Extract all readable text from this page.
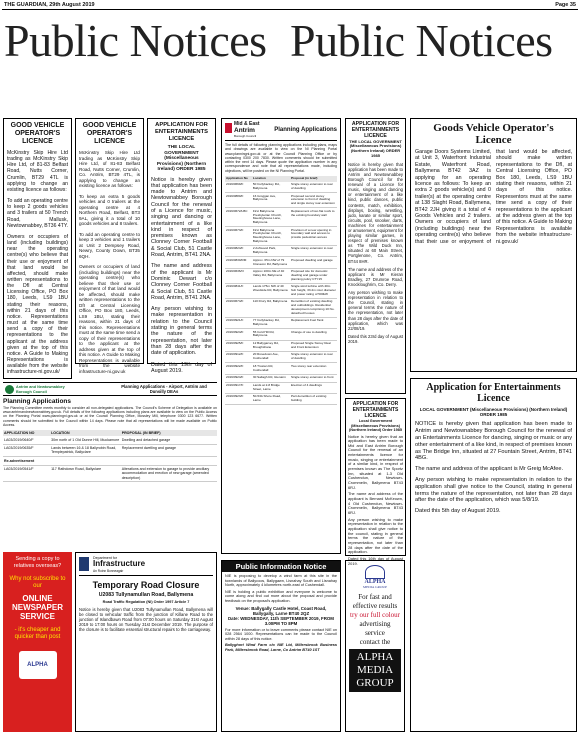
THE GUARDIAN, 29th August 2019	Page 35
Public Notices Public Notices
GOOD VEHICLE OPERATOR'S LICENCE

McKinstry Skip Hire Ltd trading as McKinstry Skip Hire Ltd, of 81-83 Belfast Road, Nutts Corner, Crumlin, BT29 4TL is applying to change an existing licence as follows:

To add an operating centre to keep 2 goods vehicles and 3 trailers at 50 Trench Road, Mallusk, Newtownabbey, BT36 4TY.

Owners or occupiers of land (including buildings) near the operating centre(s) who believe that their use or enjoyment of that land would be affected, should make written representations to the DfI at Central Licensing Office, PO Box 180, Leeds, LS9 1BU stating their reasons, within 21 days of this notice. Representations must at the same time send a copy of their representations to the applicant at the address given at the top of this notice. A Guide to Making Representations is available from the website infrastructure-ni.gov.uk/

GOOD VEHICLE OPERATOR'S LICENCE

McKinstry Skip Hire Ltd trading as McKinstry Skip Hire Ltd, of 81-83 Belfast Road, Nutts Corner, Crumlin, Co. Antrim, BT29 4TL, is applying to change an existing licence as follows:

To keep an extra 5 goods vehicles and 0 trailers at the operating centre at 4 Northern Road, Belfast, BT3 9AL, giving it a total of 10 goods vehicles and 8 trailers.

To add an operating centre to keep 3 vehicles and 1 trailers at Unit 2 Dempsey Road, Newry, County Down, BT35 6QH.

Owners or occupiers of land (including buildings) near the operating centre(s) who believe that their use or enjoyment of that land would be affected, should make written representations to the DfI at Central Licensing Office, PO Box 180, Leeds, LS9 1BU, stating their reasons, within 21 days of this notice. Representations must at the same time send a copy of their representations to the applicant at the address given at the top of this notice. A Guide to Making Representations is available from the website infrastructure-ni.gov.uk

APPLICATION FOR ENTERTAINMENTS LICENCE
THE LOCAL GOVERNMENT (Miscellaneous Provisions) (Northern Ireland) ORDER 1985

Notice is hereby given that application has been made to Antrim and Newtownabbey Borough Council for the renewal of a Licence for music, singing and dancing or entertainment of a like kind in respect of premises known as Clonney Corner Football & Social Club, 51 Castle Road, Antrim, BT41 2NA.

The name and address of the applicant is Mr Dominic Dewart c/o Clonney Corner Football & Social Club, 51 Castle Road, Antrim, BT41 2NA.

Any person wishing to make representation in relation to the Council stating in general terms the nature of the representation, not later than 28 days after the date of application.

Dated this 19th day of August 2019.

Antrim and Newtownabbey Borough Council
Planning Applications - Airport, Antrim and Dunsilly DEAs
Planning Applications
The Planning Committee meets monthly to consider all non-delegated applications. The Council's Scheme of Delegation is available on www.antrimandnewtownabbey.gov.uk. Full details of the following applications including plans are available to view on the Public Access on the Planning Portal www.planningni.gov.uk or at the Council Planning Office, Mossley Mill, telephone 0300 123 6677. Written comments should be submitted to the Council within 14 days. Please note that all representations will be made available on Public Access.
APPLICATION NO	LOCATION	PROPOSAL (IN BRIEF)
LA03/2019/0640/F	30m north of 1 Old Dunne Hill, Muckamore	Dwelling and detached garage
LA03/2019/0635/F	Lands between 16 & 18 Ballyrobin Road, Templepatrick, Ballyclare	Replacement dwelling and garage
Re-advertisement		
LA03/2019/0541/F	117 Rathdown Road, Ballyclare	Alterations and extension to garage to provide ancillary accommodation and erection of new garage (amended description)
Sending a copy to relatives overseas?
Why not subscribe to our
ONLINE NEWSPAPER SERVICE
- it's cheaper and quicker than post
ALPHA
Department for
Infrastructure
An Roinn Bonneagair
Temporary Road Closure
U2083 Tullynamullan Road, Ballymena
Road Traffic Regulation (NI) Order 1997 Article 7
Notice is hereby given that U2083 Tullynamullan Road, Ballymena will be closed to vehicular traffic from the junction of Killane Road to the junction of Islandbawn Road from 07:00 hours on Saturday 31st August 2019 to 17:00 hours on Tuesday 31st December 2019. The purpose of the closure is to facilitate essential structural repairs to the carriageway.
Mid & East
Antrim
Borough Council
Planning Applications
The full details of following planning applications including plans, maps and drawings are available to view on the NI Planning Portal www.planningni.gov.uk or at the Council Planning Office or by contacting 0300 200 7830. Written comments should be submitted within the next 14 days. Please quote the application number in any correspondence and note that all representations made, including objections, will be posted on the NI Planning Portal.
Application No	Location	Proposal (in brief)
2019/0669/F	50 Cullybackey Rd., Ballymena	Single storey extension to rear of dwelling
2019/0880/F	16 Groggan Ave, Ballymena	Proposed second storey extension to front of dwelling and single storey rear extension
2019/0672/LBC	First Ballymena Presbyterian Church, Meetinghouse Lane, Ballymena	Replacement of two flat roofs to the existing boundary wall
2019/0673/F	First Ballymena Presbyterian Church, Meetinghouse Lane, Ballymena	Provision of a new opening in boundary wall and access to provide pedestrian access
2019/0824/F	2 Ashwood Park, Ballymena	Single storey extension to rear
2019/0830/RM	Approx. 65m NW of 79 Clonavon Rd, Ballymena	Proposed dwelling and garage
2019/0636/O	Approx 100m NE of 40 Valley Rd, Ballymena	Proposed site for domestic dwelling and garage under planning policy CTY15
2019/0841/F	Lands 175m NW of 40 Woodside Rd, Ballymena	Single wind turbine with 40m hub height, 33.4m rotor diameter and power rating of 500kW
2019/0674/F	110 Drury Rd, Ballymena	Demolition of existing dwelling and outbuildings. Residential development comprising 10 No. detached houses
2019/0921/F	77 Cullybackey Rd, Ballymena	Replacement Fuel Tank
2019/0924/F	55 Cold Hill Rd, Ballymena	Change of use to dwelling
2019/0925/F	12 Ballygarvey Rd, Broughshane	Proposed Single Storey Rear and Front Extension
2019/0912/F	20 Rosedown Ave, Cushendall	Single storey extension to rear of dwelling
2019/0922/F	18 Trostan Rd, Cushendall	Two storey rear extension
2019/0924/F	30 Sallagh Rd, Glenarm	Single storey extension to front
2019/0917/F	Lands at 2-8 Bridge Street, Larne	Erection of 4 dwellings
2019/0923/F	50-53A Shore Road, Larne	Part demolition of existing building
Public Information Notice

NIE is proposing to develop a wind farm at this site in the townlands of Ballycoos, Ballygawn, Lisnahay South and Lisnahay North, approximately 4 kilometres north-east of Cushendall.

NIE is holding a public exhibition and everyone is welcome to come along and find out more about the proposal and provide feedback on the proposal's application.

Venue: Ballygally Castle Hotel, Coast Road, Ballygally, Larne BT40 2QZ

Date: WEDNESDAY, 11th SEPTEMBER 2019, FROM 3.00PM TO 8PM

For more information or to leave comments please contact NIE on 028 2564 1000. Representations can be made to the Council within 28 days of this notice.

Ballyghort Wind Farm c/o NIE Ltd, Millersbrook Business Park, Millersbrook Road, Larne, Co Antrim BT40 1ST

ALPHA
MEDIA GROUP
For fast and
effective results
try our full colour
advertising
service
contact the
ALPHA
MEDIA
GROUP
APPLICATION FOR ENTERTAINMENTS LICENCE
THE LOCAL GOVERNMENT (Miscellaneous Provisions) (Northern Ireland) ORDER 1985

Notice is hereby given that application has been made to Antrim and Newtownabbey Borough Council for the renewal of a Licence for music, singing and dancing or entertainment of a like kind, public dances, public contests, match, exhibition, displays, boxing, wrestling, judo, karate or similar sport, circuits, pool, snooker, darts, machines for entertainment or amusement, equipment for playing similar games, in respect of premises known as The Wild Duck Inn, situated at 60 Main Street, Portglenone, Co. Antrim, BT44 8HR.

The name and address of the applicant is Mr Kieran Bradley, 27 Drumroe Road, Knockloughrim, Co. Derry.

Any person wishing to make representation in relation to the Council, stating in general terms the nature of the representation, not later than 28 days after the date of application, which was 22/08/19.

Dated this 23rd day of August 2019.

APPLICATION FOR ENTERTAINMENTS LICENCE
Local Government (Miscellaneous Provisions) (Northern Ireland) Order 1985

Notice is hereby given that an application has been made to Mid and East Antrim Borough Council for the renewal of an entertainments licence for music, singing or entertainment of a similar kind, in respect of premises known as The Sportz Inn, situated at 1-3 Old Cushendun, Newtown-Crommelin, Ballymena BT43 6RJ.

The name and address of the applicant is Bernard McKeown, 4 Old Cushendun, Newtown-Crommelin, Ballymena BT43 6RJ.

Any person wishing to make representation in relation to the application shall give notice to the council, stating in general terms the nature of the representation, not later than 28 days after the date of the application.

Dated this 16th day of August 2019.

Goods Vehicle Operator's Licence
Garage Doors Systems Limited, at Unit 3, Waterfront Industrial Estate, Waterfront Road, Ballymena BT42 3AZ is applying for an operating licence as follows: To keep an extra 2 goods vehicle(s) and 0 trailer(s) at the operating centre at 138 Slaght Road, Ballymena, BT42 2JH giving it a total of 4 Goods Vehicles and 2 trailers. Owners or occupiers of land (including buildings) near the operating centre(s) who believe that their use or enjoyment of that land would be affected, should make written representations to the DfI, at Central Licensing Office, PO Box 180, Leeds, LS9 1BU stating their reasons, within 21 days of this notice. Representors must at the same time send a copy of their representations to the applicant at the address given at the top of this notice. A Guide to Making Representations is available from the website infrastructure-ni.gov.uk/
Application for Entertainments Licence
LOCAL GOVERNMENT (Miscellaneous Provisions) (Northern Ireland) ORDER 1985

NOTICE is hereby given that application has been made to Antrim and Newtownabbey Borough Council for the renewal of an Entertainments Licence for dancing, singing or music or any other entertainment of a like kind, in respect of premises known as The Bridge Inn, situated at 27 Fountain Street, Antrim, BT41 4BG.

The name and address of the applicant is Mr Greig McAfee.

Any person wishing to make representation in relation to the application shall give notice to the Council, stating in general terms the nature of the representation, not later than 28 days after the date of the application, which was 5/8/19.

Dated this 5th day of August 2019.
